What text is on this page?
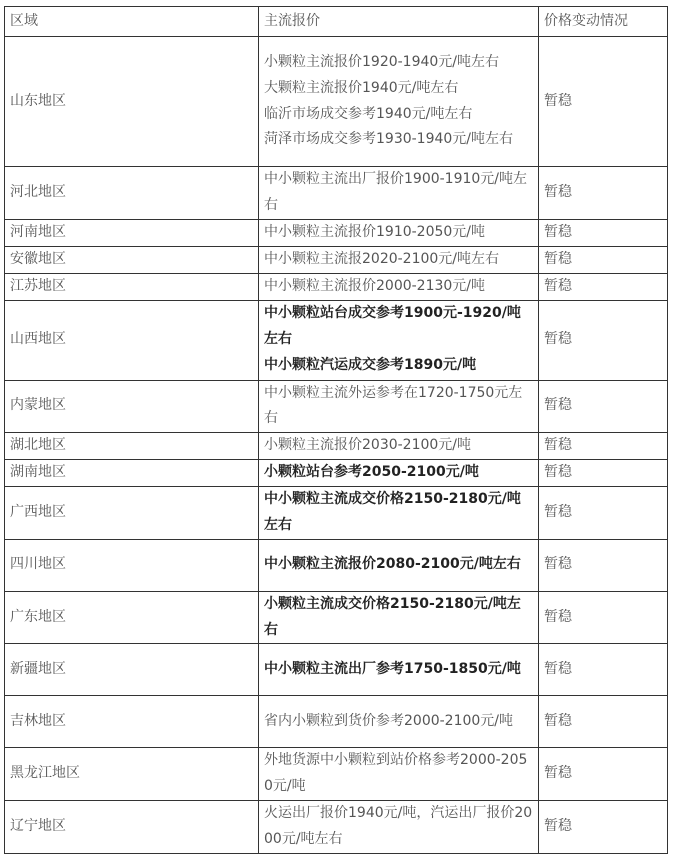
区域	主流报价	价格变动情况
山东地区	小颗粒主流报价1920-1940元/吨左右
大颗粒主流报价1940元/吨左右
临沂市场成交参考1940元/吨左右
菏泽市场成交参考1930-1940元/吨左右	暂稳
河北地区	中小颗粒主流出厂报价1900-1910元/吨左右	暂稳
河南地区	中小颗粒主流报价1910-2050元/吨	暂稳
安徽地区	中小颗粒主流报2020-2100元/吨左右	暂稳
江苏地区	中小颗粒主流报价2000-2130元/吨	暂稳
山西地区	中小颗粒站台成交参考1900元-1920/吨左右
中小颗粒汽运成交参考1890元/吨	暂稳
内蒙地区	中小颗粒主流外运参考在1720-1750元左右	暂稳
湖北地区	小颗粒主流报价2030-2100元/吨	暂稳
湖南地区	小颗粒站台参考2050-2100元/吨	暂稳
广西地区	中小颗粒主流成交价格2150-2180元/吨左右	暂稳
四川地区	中小颗粒主流报价2080-2100元/吨左右	暂稳
广东地区	小颗粒主流成交价格2150-2180元/吨左右	暂稳
新疆地区	中小颗粒主流出厂参考1750-1850元/吨	暂稳
吉林地区	省内小颗粒到货价参考2000-2100元/吨	暂稳
黑龙江地区	外地货源中小颗粒到站价格参考2000-2050元/吨	暂稳
辽宁地区	火运出厂报价1940元/吨，汽运出厂报价2000元/吨左右	暂稳
